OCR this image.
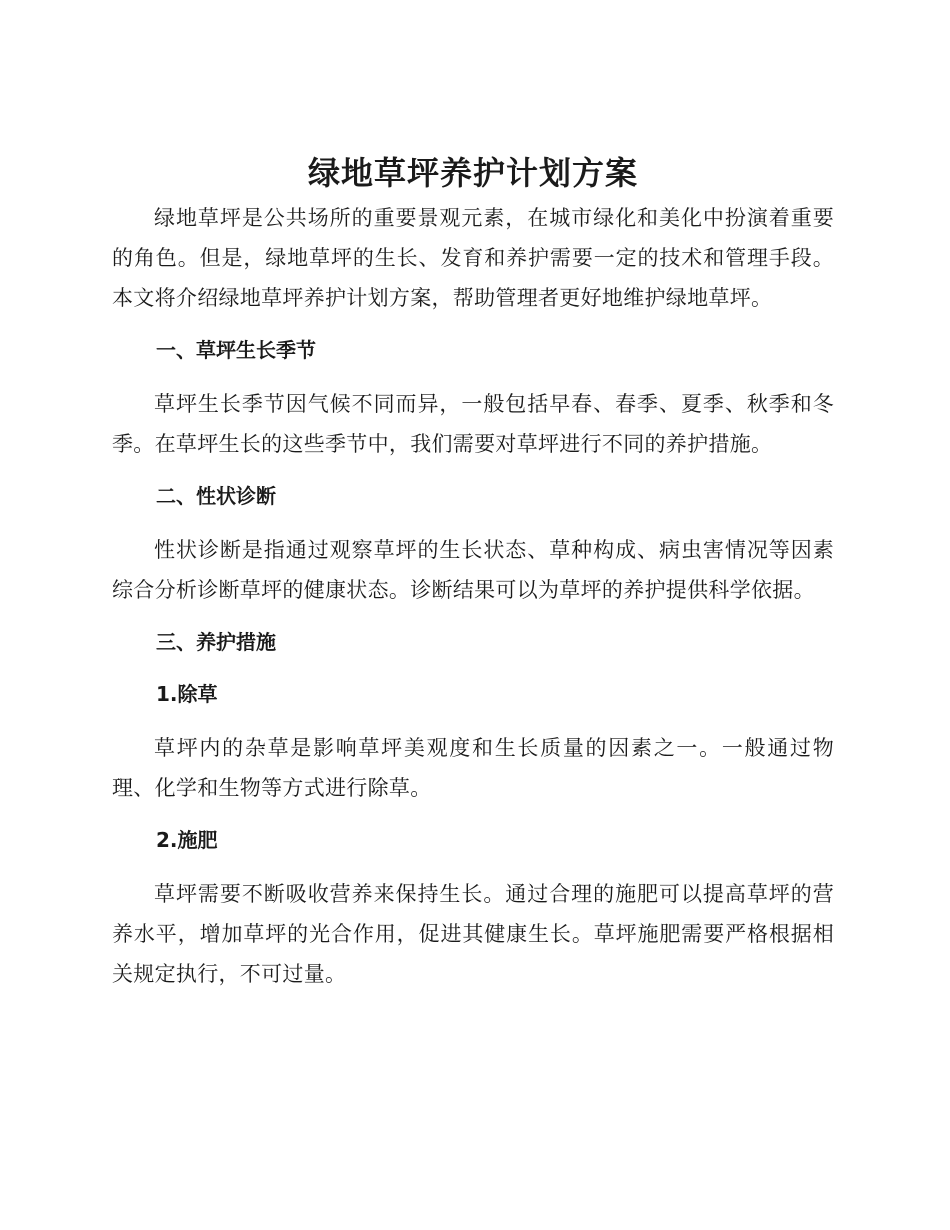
绿地草坪养护计划方案

绿地草坪是公共场所的重要景观元素，在城市绿化和美化中扮演着重要的角色。但是，绿地草坪的生长、发育和养护需要一定的技术和管理手段。本文将介绍绿地草坪养护计划方案，帮助管理者更好地维护绿地草坪。

一、草坪生长季节

草坪生长季节因气候不同而异，一般包括早春、春季、夏季、秋季和冬季。在草坪生长的这些季节中，我们需要对草坪进行不同的养护措施。

二、性状诊断

性状诊断是指通过观察草坪的生长状态、草种构成、病虫害情况等因素综合分析诊断草坪的健康状态。诊断结果可以为草坪的养护提供科学依据。

三、养护措施
1.除草

草坪内的杂草是影响草坪美观度和生长质量的因素之一。一般通过物理、化学和生物等方式进行除草。

2.施肥

草坪需要不断吸收营养来保持生长。通过合理的施肥可以提高草坪的营养水平，增加草坪的光合作用，促进其健康生长。草坪施肥需要严格根据相关规定执行，不可过量。
